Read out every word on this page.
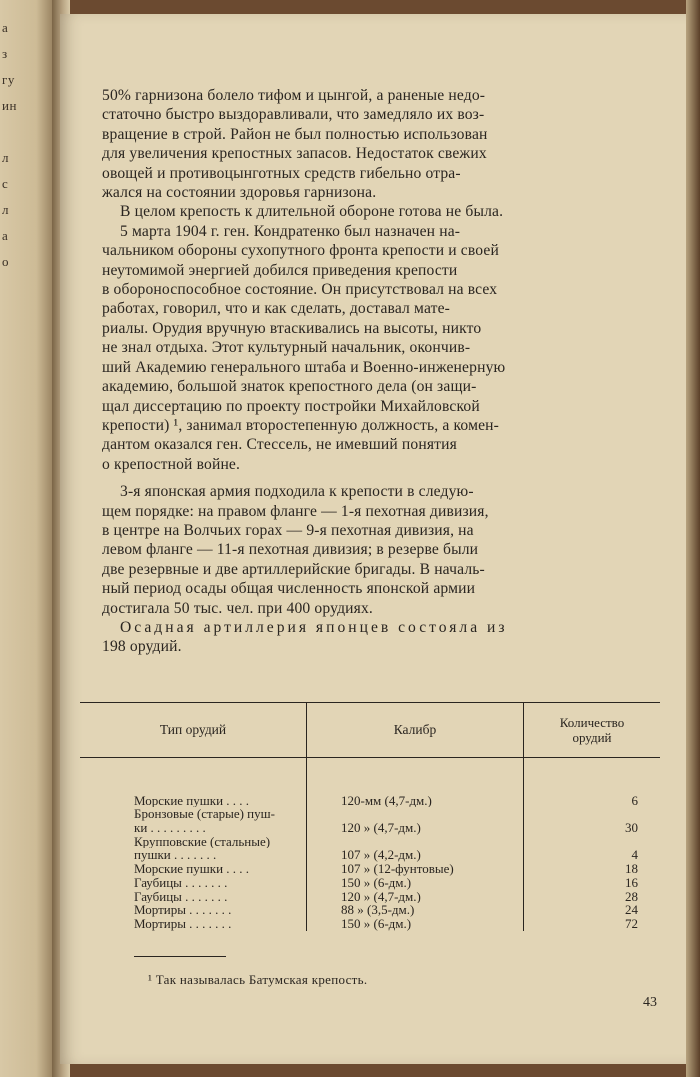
а
з
гу
ин
л
с
л
а
о

50% гарнизона болело тифом и цынгой, а раненые недо-
статочно быстро выздоравливали, что замедляло их воз-
вращение в строй. Район не был полностью использован
для увеличения крепостных запасов. Недостаток свежих
овощей и противоцынготных средств гибельно отра-
жался на состоянии здоровья гарнизона.

В целом крепость к длительной обороне готова не была.

5 марта 1904 г. ген. Кондратенко был назначен на-
чальником обороны сухопутного фронта крепости и своей
неутомимой энергией добился приведения крепости
в обороноспособное состояние. Он присутствовал на всех
работах, говорил, что и как сделать, доставал мате-
риалы. Орудия вручную втаскивались на высоты, никто
не знал отдыха. Этот культурный начальник, окончив-
ший Академию генерального штаба и Военно-инженерную
академию, большой знаток крепостного дела (он защи-
щал диссертацию по проекту постройки Михайловской
крепости) ¹, занимал второстепенную должность, а комен-
дантом оказался ген. Стессель, не имевший понятия
о крепостной войне.

3-я японская армия подходила к крепости в следую-
щем порядке: на правом фланге — 1-я пехотная дивизия,
в центре на Волчьих горах — 9-я пехотная дивизия, на
левом фланге — 11-я пехотная дивизия; в резерве были
две резервные и две артиллерийские бригады. В началь-
ный период осады общая численность японской армии
достигала 50 тыс. чел. при 400 орудиях.

Осадная артиллерия японцев состояла из
198 орудий.

Тип орудий	Калибр	Количество
орудий

Морские пушки . . . .
Бронзовые (старые) пуш-
ки . . . . . . . . .
Крупповские (стальные)
пушки . . . . . . .
Морские пушки . . . .
Гаубицы . . . . . . .
Гаубицы . . . . . . .
Мортиры . . . . . . .
Мортиры . . . . . . .

120-мм (4,7-дм.)

120 » (4,7-дм.)

107 » (4,2-дм.)
107 » (12-фунтовые)
150 » (6-дм.)
120 » (4,7-дм.)
88 » (3,5-дм.)
150 » (6-дм.)

6

30

4
18
16
28
24
72
¹ Так называлась Батумская крепость.
43
